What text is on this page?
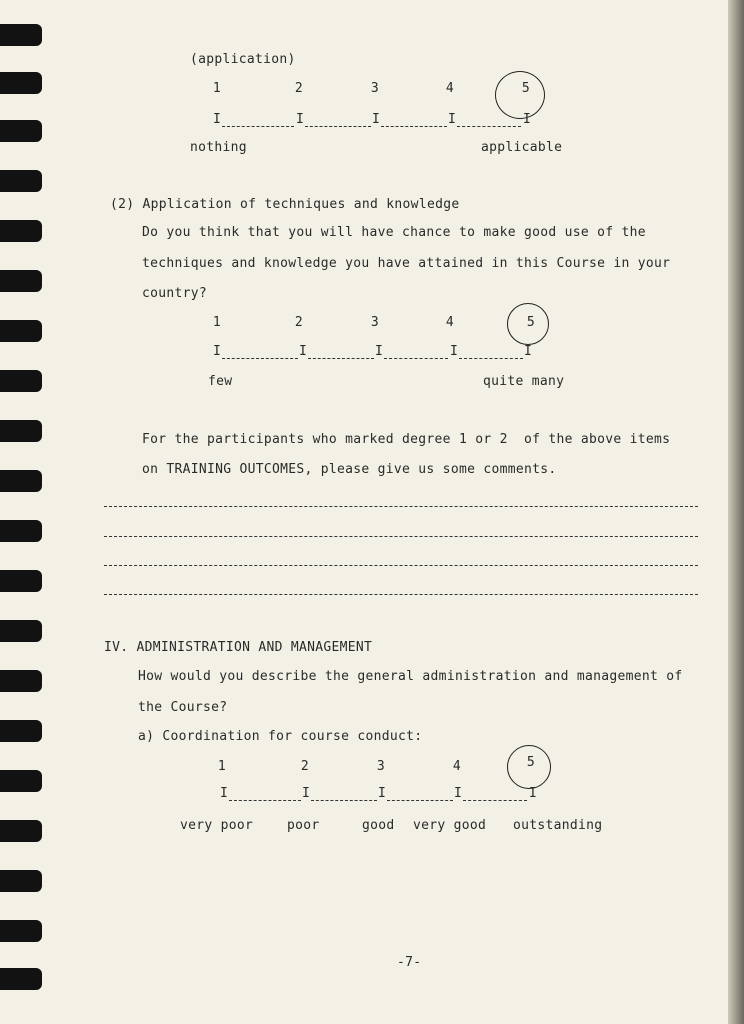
(application)
1	2	3	4	5
I	I	I	I	I
nothing	applicable
(2) Application of techniques and knowledge
Do you think that you will have chance to make good use of the
techniques and knowledge you have attained in this Course in your
country?
1	2	3	4	5
I	I	I	I	I
few	quite many
For the participants who marked degree 1 or 2  of the above items
on TRAINING OUTCOMES, please give us some comments.
IV. ADMINISTRATION AND MANAGEMENT
How would you describe the general administration and management of
the Course?
a) Coordination for course conduct:
1	2	3	4	5
I	I	I	I	I
very poor	poor	good very good outstanding
-7-
